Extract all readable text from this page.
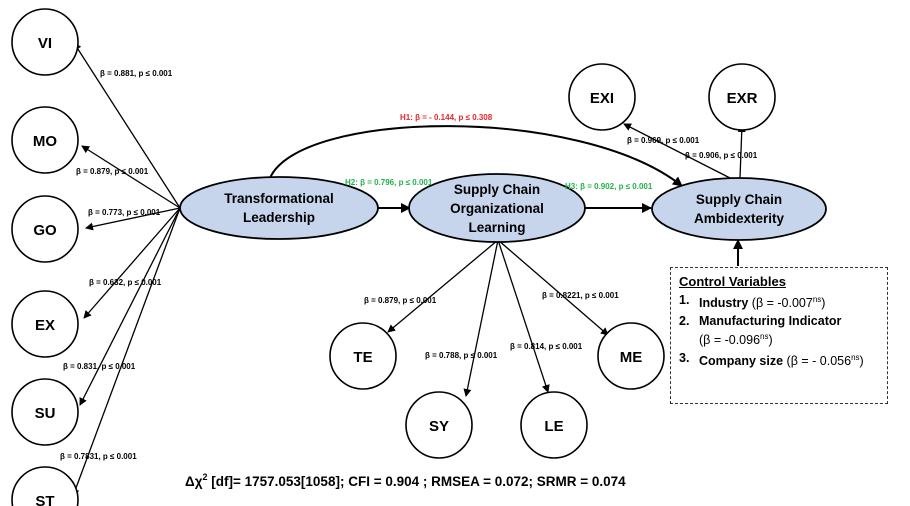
Transformational
Leadership
Supply Chain
Organizational
Learning
Supply Chain
Ambidexterity
VI
MO
GO
EX
SU
ST
TE
SY	LE
ME
EXI	EXR
β = 0.881, p ≤ 0.001
β = 0.879, p ≤ 0.001
β = 0.773, p ≤ 0.001
β = 0.632, p ≤ 0.001
β = 0.831, p ≤ 0.001
β = 0.7831, p ≤ 0.001
β = 0.879, p ≤ 0.001
β = 0.788, p ≤ 0.001
β = 0.814, p ≤ 0.001
β = 0.8221, p ≤ 0.001
β = 0.969, p ≤ 0.001
β = 0.906, p ≤ 0.001
H1: β = - 0.144, p ≤ 0.308
H2: β = 0.796, p ≤ 0.001	H3: β = 0.902, p ≤ 0.001
$\Delta\chi^2$ [df]= 1757.053[1058]; CFI = 0.904 ; RMSEA = 0.072; SRMR = 0.074
Control Variables
1. Industry $(\beta = -0.007^{ns})$
2. Manufacturing Indicator
$(\beta = -0.096^{ns})$
3. Company size (β = - $0.056^{ns}$)
